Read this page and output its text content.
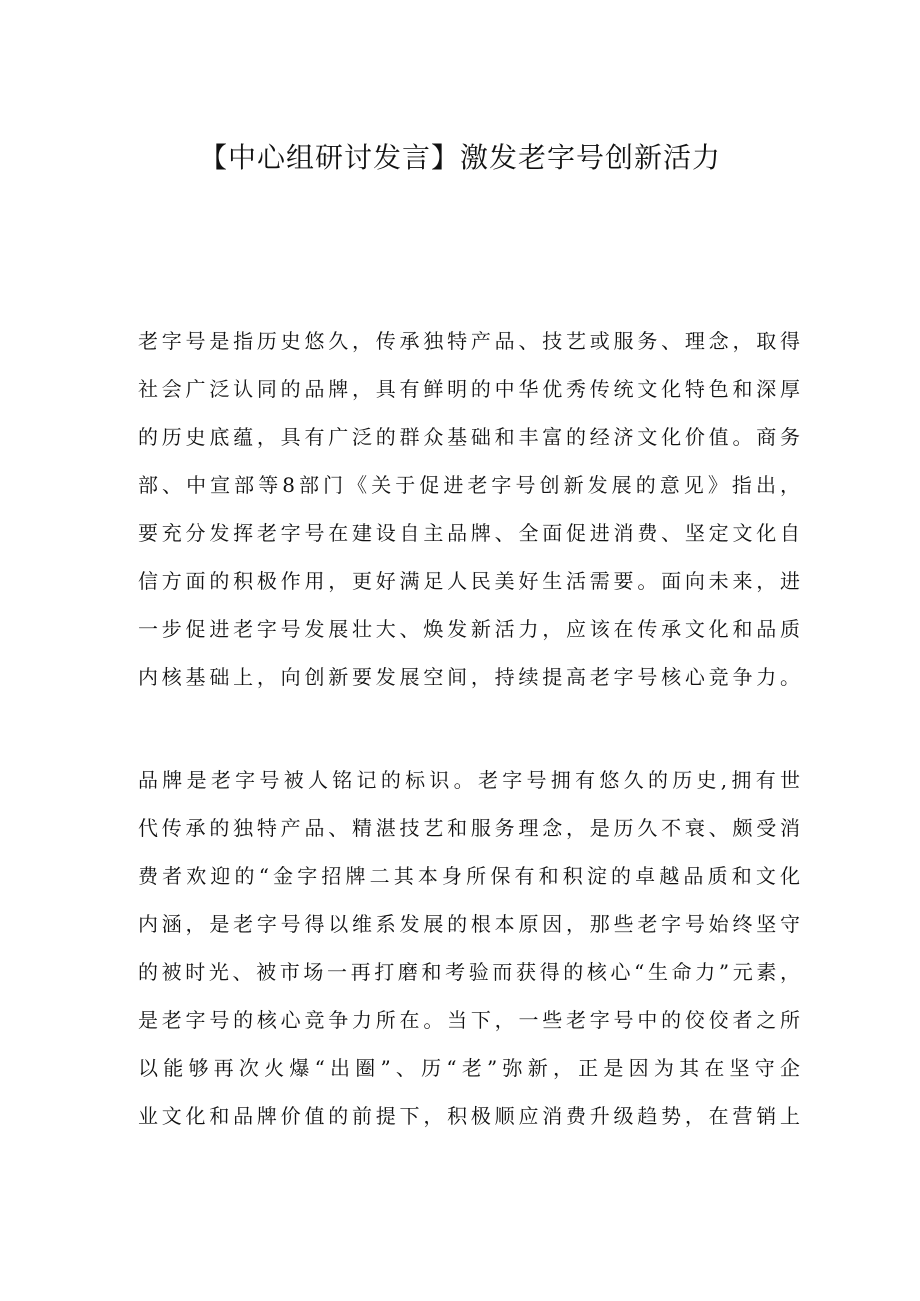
【中心组研讨发言】激发老字号创新活力
老字号是指历史悠久，传承独特产品、技艺或服务、理念，取得
社会广泛认同的品牌，具有鲜明的中华优秀传统文化特色和深厚
的历史底蕴，具有广泛的群众基础和丰富的经济文化价值。商务
部、中宣部等8部门《关于促进老字号创新发展的意见》指出，
要充分发挥老字号在建设自主品牌、全面促进消费、坚定文化自
信方面的积极作用，更好满足人民美好生活需要。面向未来，进
一步促进老字号发展壮大、焕发新活力，应该在传承文化和品质
内核基础上，向创新要发展空间，持续提高老字号核心竞争力。
品牌是老字号被人铭记的标识。老字号拥有悠久的历史,拥有世
代传承的独特产品、精湛技艺和服务理念，是历久不衰、颇受消
费者欢迎的“金字招牌二其本身所保有和积淀的卓越品质和文化
内涵，是老字号得以维系发展的根本原因，那些老字号始终坚守
的被时光、被市场一再打磨和考验而获得的核心“生命力”元素，
是老字号的核心竞争力所在。当下，一些老字号中的佼佼者之所
以能够再次火爆“出圈”、历“老”弥新，正是因为其在坚守企
业文化和品牌价值的前提下，积极顺应消费升级趋势，在营销上
